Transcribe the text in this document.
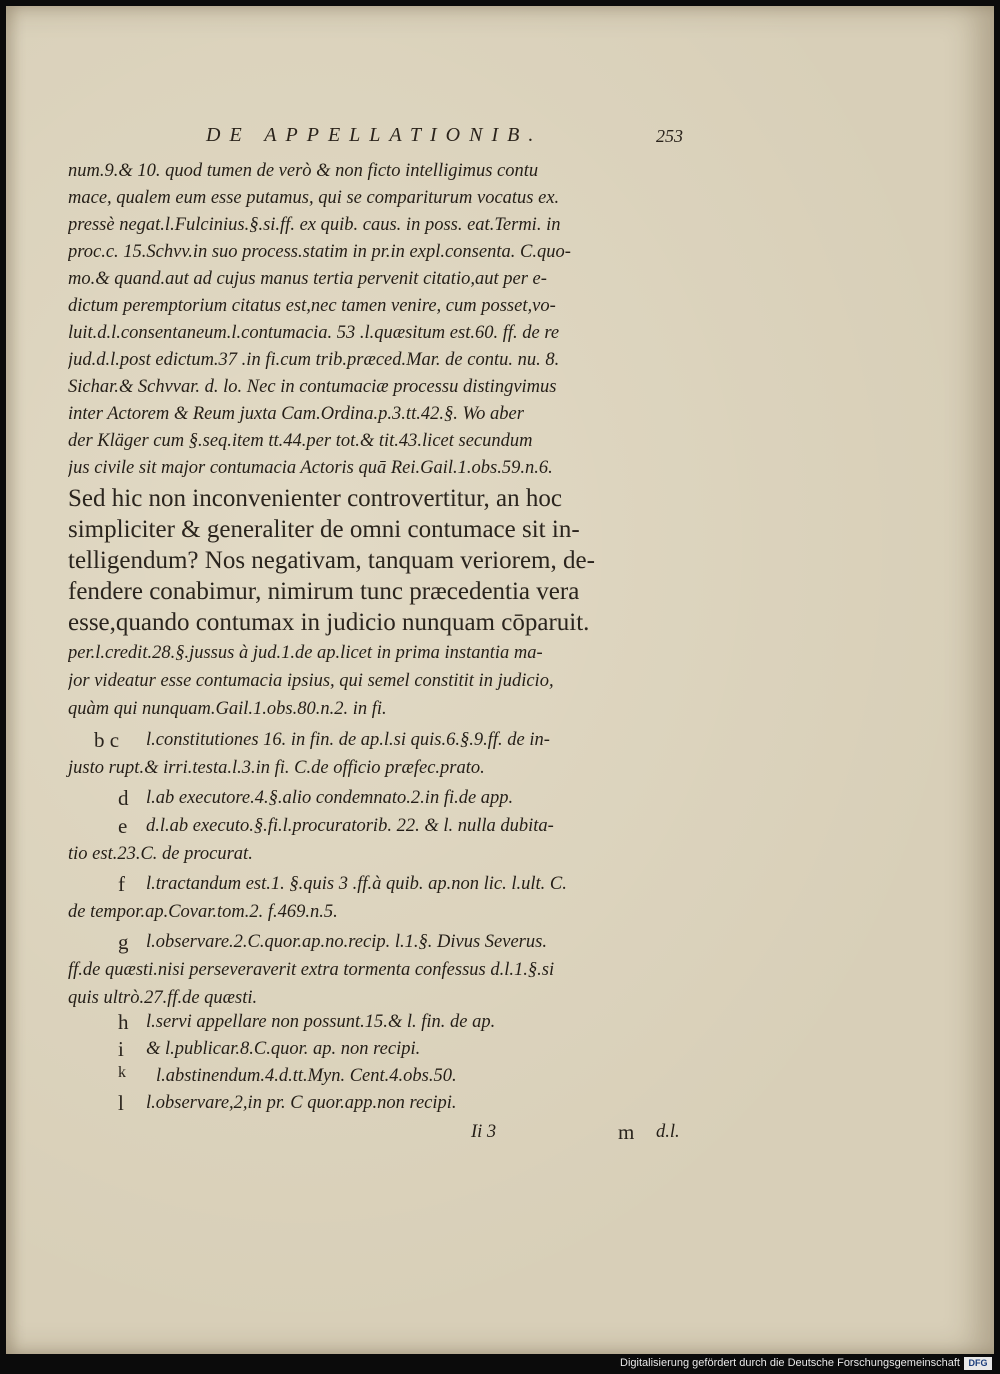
DE APPELLATIONIB.	253
num.9.& 10. quod tumen de verò & non ficto intelligimus contu
mace, qualem eum esse putamus, qui se compariturum vocatus ex.
pressè negat.l.Fulcinius.§.si.ff. ex quib. caus. in poss. eat.Termi. in
proc.c. 15.Schvv.in suo process.statim in pr.in expl.consenta. C.quo-
mo.& quand.aut ad cujus manus tertia pervenit citatio,aut per e-
dictum peremptorium citatus est,nec tamen venire, cum posset,vo-
luit.d.l.consentaneum.l.contumacia. 53 .l.quæsitum est.60. ff. de re
jud.d.l.post edictum.37 .in fi.cum trib.præced.Mar. de contu. nu. 8.
Sichar.& Schvvar. d. lo. Nec in contumaciæ processu distingvimus
inter Actorem & Reum juxta Cam.Ordina.p.3.tt.42.§. Wo aber
der Kläger cum §.seq.item tt.44.per tot.& tit.43.licet secundum
jus civile sit major contumacia Actoris quā Rei.Gail.1.obs.59.n.6.
Sed hic non inconvenienter controvertitur, an hoc
simpliciter & generaliter de omni contumace sit in-
telligendum? Nos negativam, tanquam veriorem, de-
fendere conabimur, nimirum tunc præcedentia vera
esse,quando contumax in judicio nunquam cōparuit.
per.l.credit.28.§.jussus à jud.1.de ap.licet in prima instantia ma-
jor videatur esse contumacia ipsius, qui semel constitit in judicio,
quàm qui nunquam.Gail.1.obs.80.n.2. in fi.
b c l.constitutiones 16. in fin. de ap.l.si quis.6.§.9.ff. de in-
justo rupt.& irri.testa.l.3.in fi. C.de officio præfec.prato.
d l.ab executore.4.§.alio condemnato.2.in fi.de app.
e d.l.ab executo.§.fi.l.procuratorib. 22. & l. nulla dubita-
tio est.23.C. de procurat.
f l.tractandum est.1. §.quis 3 .ff.à quib. ap.non lic. l.ult. C.
de tempor.ap.Covar.tom.2. f.469.n.5.
g l.observare.2.C.quor.ap.no.recip. l.1.§. Divus Severus.
ff.de quæsti.nisi perseveraverit extra tormenta confessus d.l.1.§.si
quis ultrò.27.ff.de quæsti.
h l.servi appellare non possunt.15.& l. fin. de ap.
i & l.publicar.8.C.quor. ap. non recipi.
k l.abstinendum.4.d.tt.Myn. Cent.4.obs.50.
l l.observare,2,in pr. C quor.app.non recipi.
Ii 3	m d.l.
Digitalisierung gefördert durch die Deutsche Forschungsgemeinschaft DFG
